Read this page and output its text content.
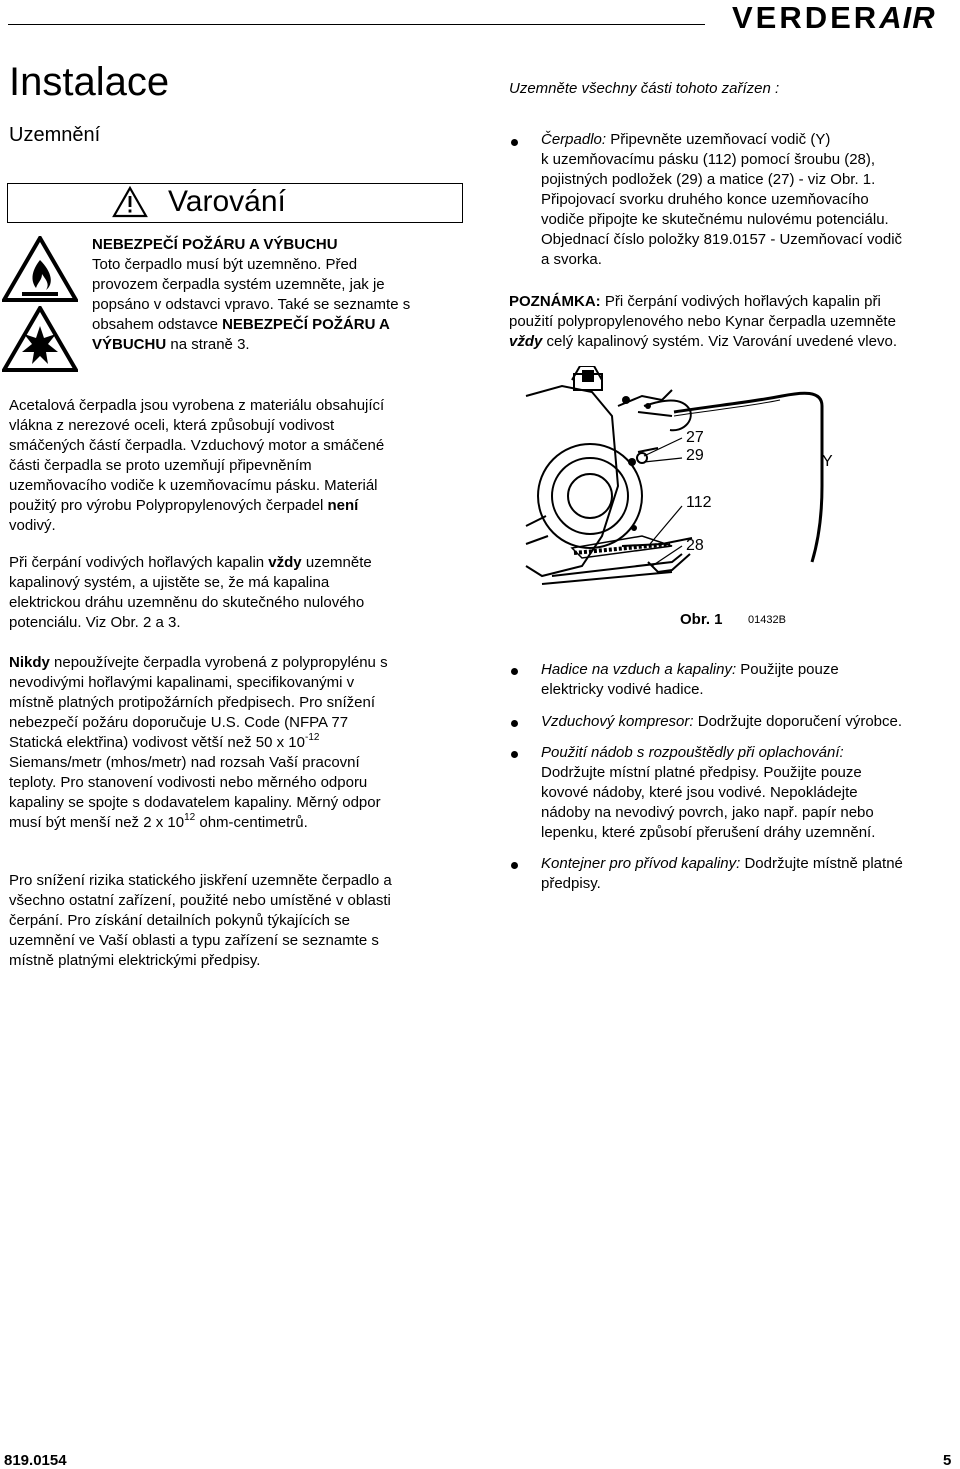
VERDERAIR
Instalace
Uzemnění
Varování
NEBEZPEČÍ POŽÁRU A VÝBUCHU
Toto čerpadlo musí být uzemněno. Před
provozem čerpadla systém uzemněte, jak je
popsáno v odstavci vpravo. Také se seznamte s
obsahem odstavce NEBEZPEČÍ POŽÁRU A
VÝBUCHU na straně 3.
Uzemněte všechny části tohoto zařízen :
Čerpadlo: Připevněte uzemňovací vodič (Y)
k uzemňovacímu pásku (112) pomocí šroubu (28),
pojistných podložek (29) a matice (27) - viz Obr. 1.
Připojovací svorku druhého konce uzemňovacího
vodiče připojte ke skutečnému nulovému potenciálu.
Objednací číslo položky 819.0157 - Uzemňovací vodič
a svorka.
POZNÁMKA: Při čerpání vodivých hořlavých kapalin při
použití polypropylenového nebo Kynar čerpadla uzemněte
vždy celý kapalinový systém. Viz Varování uvedené vlevo.
27
29	Y
112
28
Obr. 1 01432B
Acetalová čerpadla jsou vyrobena z materiálu obsahující
vlákna z nerezové oceli, která způsobují vodivost
smáčených částí čerpadla. Vzduchový motor a smáčené
části čerpadla se proto uzemňují připevněním
uzemňovacího vodiče k uzemňovacímu pásku. Materiál
použitý pro výrobu Polypropylenových čerpadel není
vodivý.
Při čerpání vodivých hořlavých kapalin vždy uzemněte
kapalinový systém, a ujistěte se, že má kapalina
elektrickou dráhu uzemněnu do skutečného nulového
potenciálu. Viz Obr. 2 a 3.
Nikdy nepoužívejte čerpadla vyrobená z polypropylénu s
nevodivými hořlavými kapalinami, specifikovanými v
místně platných protipožárních předpisech. Pro snížení
nebezpečí požáru doporučuje U.S. Code (NFPA 77
Statická elektřina) vodivost větší než 50 x $10^{-12}$
Siemans/metr (mhos/metr) nad rozsah Vaší pracovní
teploty. Pro stanovení vodivosti nebo měrného odporu
kapaliny se spojte s dodavatelem kapaliny. Měrný odpor
musí být menší než 2 x $10^{12}$ ohm-centimetrů.
Pro snížení rizika statického jiskření uzemněte čerpadlo a
všechno ostatní zařízení, použité nebo umístěné v oblasti
čerpání. Pro získání detailních pokynů týkajících se
uzemnění ve Vaší oblasti a typu zařízení se seznamte s
místně platnými elektrickými předpisy.
Hadice na vzduch a kapaliny: Použijte pouze
elektricky vodivé hadice.
Vzduchový kompresor: Dodržujte doporučení výrobce.
Použití nádob s rozpouštědly při oplachování:
Dodržujte místní platné předpisy. Použijte pouze
kovové nádoby, které jsou vodivé. Nepokládejte
nádoby na nevodivý povrch, jako např. papír nebo
lepenku, které způsobí přerušení dráhy uzemnění.
Kontejner pro přívod kapaliny: Dodržujte místně platné
předpisy.
819.0154	5
